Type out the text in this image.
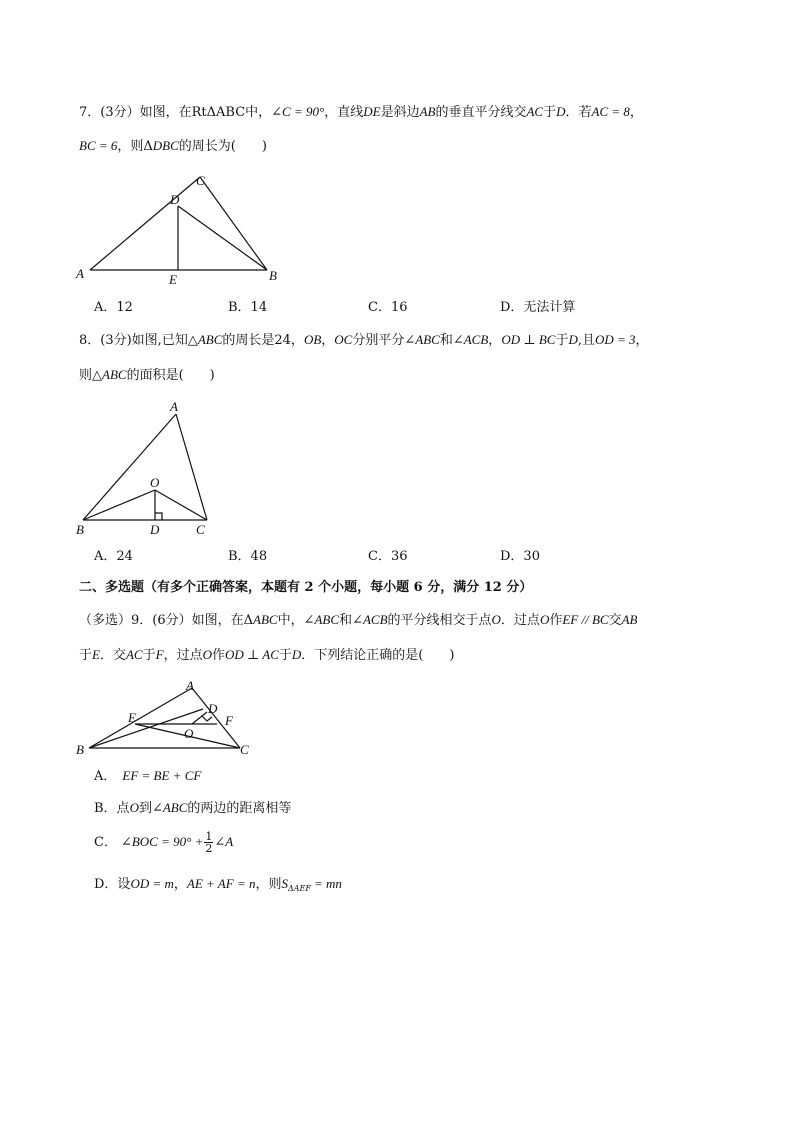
7．(3分）如图，在RtΔABC中，∠C = 90°，直线DE是斜边AB的垂直平分线交AC于D．若AC = 8，
BC = 6，则ΔDBC的周长为(　　)
A	B
C
D
E
A．12	B．14	C．16	D．无法计算
8．(3分)如图,已知△ABC的周长是24，OB，OC分别平分∠ABC和∠ACB，OD ⊥ BC于D,且OD = 3，
则△ABC的面积是(　　)
A
B	C
D
O
A．24	B．48	C．36	D．30
二、多选题（有多个正确答案，本题有 2 个小题，每小题 6 分，满分 12 分）
（多选）9．(6分）如图，在ΔABC中，∠ABC和∠ACB的平分线相交于点O．过点O作EF // BC交AB
于E．交AC于F，过点O作OD ⊥ AC于D．下列结论正确的是(　　)
A
B	C
D
E	F
O
A． EF = BE + CF
B．点O到∠ABC的两边的距离相等
C． ∠BOC = $90^\circ + \frac{1}{2}$ ∠A
D．设OD = m，AE + AF = n，则$S_{\Delta AEF}$ = mn
